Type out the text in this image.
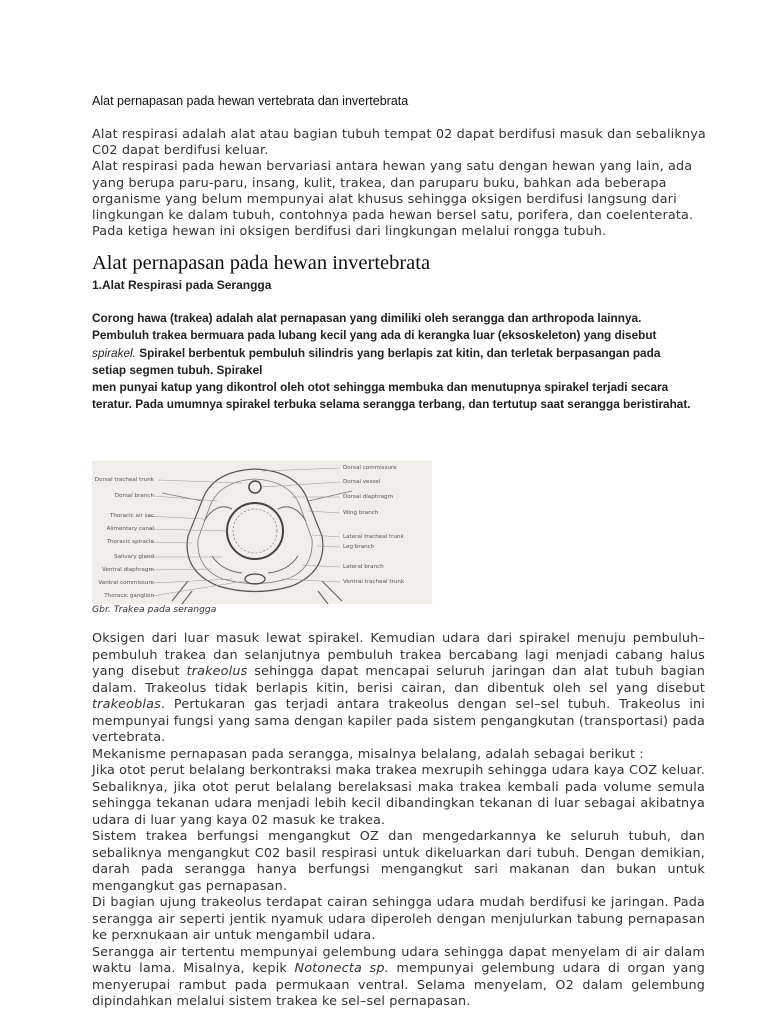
Alat pernapasan pada hewan vertebrata dan invertebrata

Alat respirasi adalah alat atau bagian tubuh tempat 02 dapat berdifusi masuk dan sebaliknya C02 dapat berdifusi keluar.

Alat respirasi pada hewan bervariasi antara hewan yang satu dengan hewan yang lain, ada yang berupa paru-paru, insang, kulit, trakea, dan paruparu buku, bahkan ada beberapa organisme yang belum mempunyai alat khusus sehingga oksigen berdifusi langsung dari lingkungan ke dalam tubuh, contohnya pada hewan bersel satu, porifera, dan coelenterata. Pada ketiga hewan ini oksigen berdifusi dari lingkungan melalui rongga tubuh.

Alat pernapasan pada hewan invertebrata
1.Alat Respirasi pada Serangga
Corong hawa (trakea) adalah alat pernapasan yang dimiliki oleh serangga dan arthropoda lainnya. Pembuluh trakea bermuara pada lubang kecil yang ada di kerangka luar (eksoskeleton) yang disebut spirakel. Spirakel berbentuk pembuluh silindris yang berlapis zat kitin, dan terletak berpasangan pada setiap segmen tubuh. Spirakel
men punyai katup yang dikontrol oleh otot sehingga membuka dan menutupnya spirakel terjadi secara teratur. Pada umumnya spirakel terbuka selama serangga terbang, dan tertutup saat serangga beristirahat.
Dorsal tracheal trunk
Dorsal branch
Thoracic air sac
Alimentary canal
Thoracic spiracle
Salivary gland
Ventral diaphragm
Ventral commissure
Thoracic ganglion
Dorsal commissure
Dorsal vessel
Dorsal diaphragm
Wing branch
Lateral tracheal trunk
Leg branch
Lateral branch
Ventral tracheal trunk
Gbr. Trakea pada serangga

Oksigen dari luar masuk lewat spirakel. Kemudian udara dari spirakel menuju pembuluh–pembuluh trakea dan selanjutnya pembuluh trakea bercabang lagi menjadi cabang halus yang disebut trakeolus sehingga dapat mencapai seluruh jaringan dan alat tubuh bagian dalam. Trakeolus tidak berlapis kitin, berisi cairan, dan dibentuk oleh sel yang disebut trakeoblas. Pertukaran gas terjadi antara trakeolus dengan sel–sel tubuh. Trakeolus ini mempunyai fungsi yang sama dengan kapiler pada sistem pengangkutan (transportasi) pada vertebrata.

Mekanisme pernapasan pada serangga, misalnya belalang, adalah sebagai berikut :

Jika otot perut belalang berkontraksi maka trakea mexrupih sehingga udara kaya COZ keluar. Sebaliknya, jika otot perut belalang berelaksasi maka trakea kembali pada volume semula sehingga tekanan udara menjadi lebih kecil dibandingkan tekanan di luar sebagai akibatnya udara di luar yang kaya 02 masuk ke trakea.

Sistem trakea berfungsi mengangkut OZ dan mengedarkannya ke seluruh tubuh, dan sebaliknya mengangkut C02 basil respirasi untuk dikeluarkan dari tubuh. Dengan demikian, darah pada serangga hanya berfungsi mengangkut sari makanan dan bukan untuk mengangkut gas pernapasan.

Di bagian ujung trakeolus terdapat cairan sehingga udara mudah berdifusi ke jaringan. Pada serangga air seperti jentik nyamuk udara diperoleh dengan menjulurkan tabung pernapasan ke perxnukaan air untuk mengambil udara.

Serangga air tertentu mempunyai gelembung udara sehingga dapat menyelam di air dalam waktu lama. Misalnya, kepik Notonecta sp. mempunyai gelembung udara di organ yang menyerupai rambut pada permukaan ventral. Selama menyelam, O2 dalam gelembung dipindahkan melalui sistem trakea ke sel–sel pernapasan.
